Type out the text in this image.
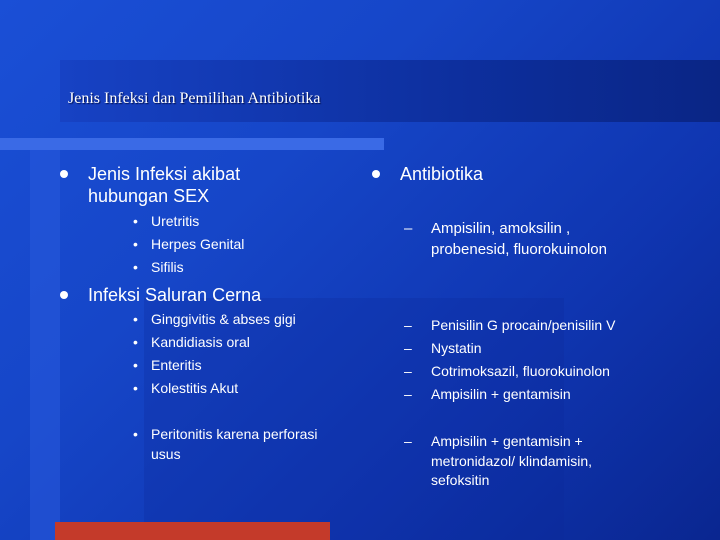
Jenis Infeksi dan Pemilihan Antibiotika
Jenis Infeksi akibat
hubungan SEX
• Uretritis
• Herpes Genital
• Sifilis
Infeksi Saluran Cerna
• Ginggivitis & abses gigi
• Kandidiasis oral
• Enteritis
• Kolestitis Akut
• Peritonitis karena perforasi
usus
Antibiotika
– Ampisilin, amoksilin ,
probenesid, fluorokuinolon
– Penisilin G procain/penisilin V
– Nystatin
– Cotrimoksazil, fluorokuinolon
– Ampisilin + gentamisin
– Ampisilin + gentamisin +
metronidazol/ klindamisin,
sefoksitin
